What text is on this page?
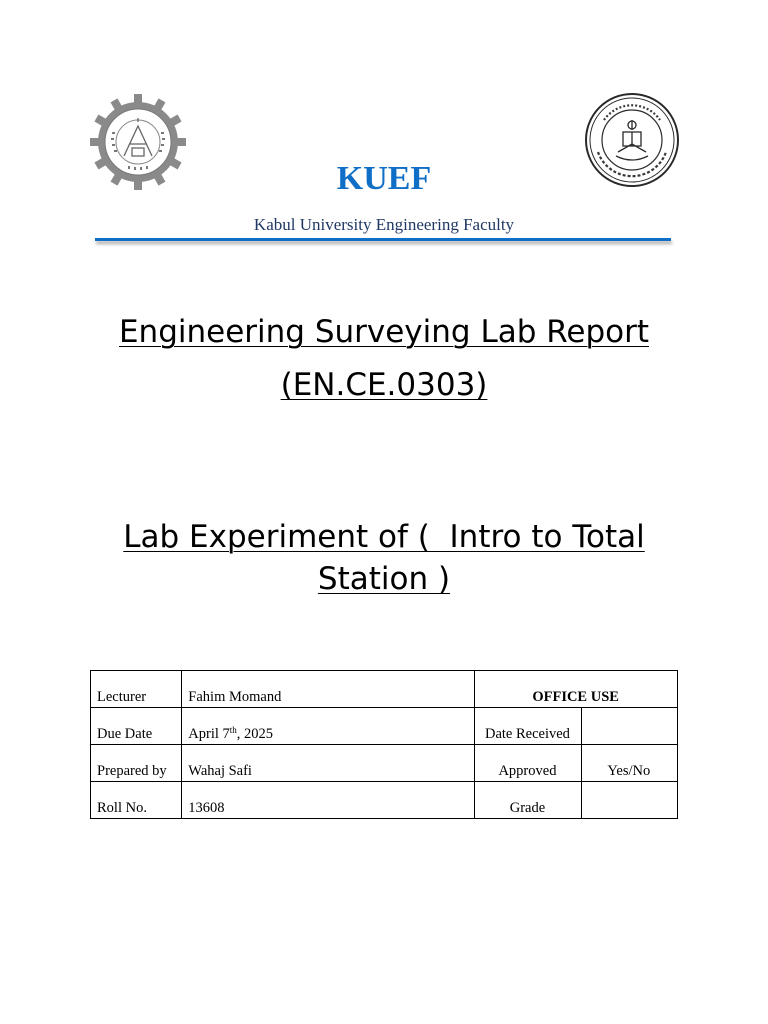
KUEF
Kabul University Engineering Faculty
Engineering Surveying Lab Report
(EN.CE.0303)
Lab Experiment of (  Intro to Total
Station )
Lecturer	Fahim Momand	OFFICE USE	
Due Date	April 7th, 2025	Date Received	
Prepared by	Wahaj Safi	Approved	Yes/No
Roll No.	13608	Grade	
